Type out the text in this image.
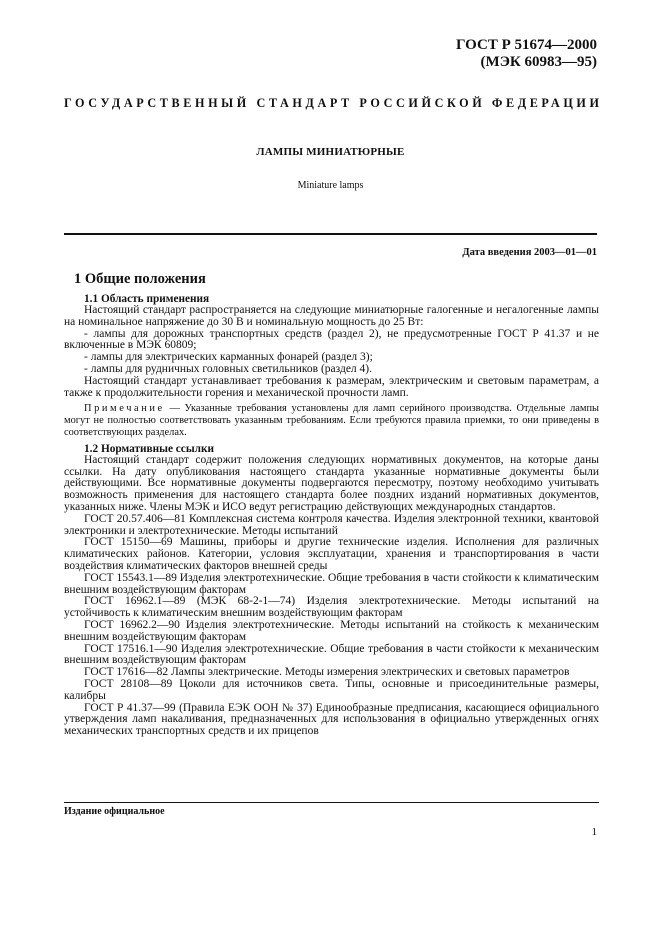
ГОСТ Р 51674—2000
(МЭК 60983—95)
ГОСУДАРСТВЕННЫЙ СТАНДАРТ РОССИЙСКОЙ ФЕДЕРАЦИИ
ЛАМПЫ МИНИАТЮРНЫЕ
Miniature lamps
Дата введения 2003—01—01

1 Общие положения

1.1 Область применения

Настоящий стандарт распространяется на следующие миниатюрные галогенные и негалогенные лампы на номинальное напряжение до 30 В и номинальную мощность до 25 Вт:

- лампы для дорожных транспортных средств (раздел 2), не предусмотренные ГОСТ Р 41.37 и не включенные в МЭК 60809;

- лампы для электрических карманных фонарей (раздел 3);

- лампы для рудничных головных светильников (раздел 4).

Настоящий стандарт устанавливает требования к размерам, электрическим и световым параметрам, а также к продолжительности горения и механической прочности ламп.

Примечание — Указанные требования установлены для ламп серийного производства. Отдельные лампы могут не полностью соответствовать указанным требованиям. Если требуются правила приемки, то они приведены в соответствующих разделах.

1.2 Нормативные ссылки

Настоящий стандарт содержит положения следующих нормативных документов, на которые даны ссылки. На дату опубликования настоящего стандарта указанные нормативные документы были действующими. Все нормативные документы подвергаются пересмотру, поэтому необходимо учитывать возможность применения для настоящего стандарта более поздних изданий нормативных документов, указанных ниже. Члены МЭК и ИСО ведут регистрацию действующих международных стандартов.

ГОСТ 20.57.406—81 Комплексная система контроля качества. Изделия электронной техники, квантовой электроники и электротехнические. Методы испытаний

ГОСТ 15150—69 Машины, приборы и другие технические изделия. Исполнения для различных климатических районов. Категории, условия эксплуатации, хранения и транспортирования в части воздействия климатических факторов внешней среды

ГОСТ 15543.1—89 Изделия электротехнические. Общие требования в части стойкости к климатическим внешним воздействующим факторам

ГОСТ 16962.1—89 (МЭК 68-2-1—74) Изделия электротехнические. Методы испытаний на устойчивость к климатическим внешним воздействующим факторам

ГОСТ 16962.2—90 Изделия электротехнические. Методы испытаний на стойкость к механическим внешним воздействующим факторам

ГОСТ 17516.1—90 Изделия электротехнические. Общие требования в части стойкости к механическим внешним воздействующим факторам

ГОСТ 17616—82 Лампы электрические. Методы измерения электрических и световых параметров

ГОСТ 28108—89 Цоколи для источников света. Типы, основные и присоединительные размеры, калибры

ГОСТ Р 41.37—99 (Правила ЕЭК ООН № 37) Единообразные предписания, касающиеся официального утверждения ламп накаливания, предназначенных для использования в официально утвержденных огнях механических транспортных средств и их прицепов

Издание официальное
1
